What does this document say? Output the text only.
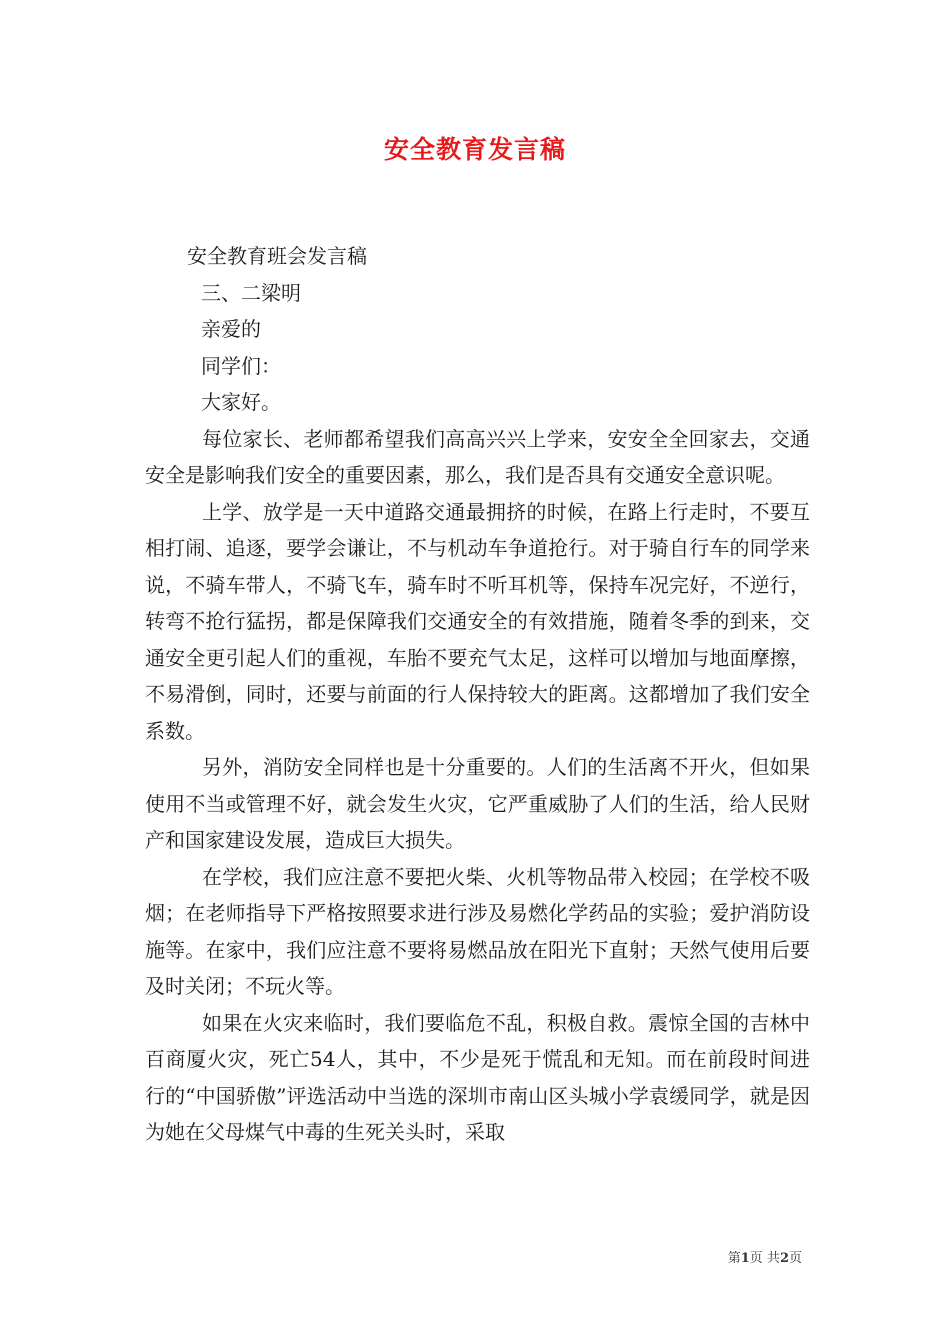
安全教育发言稿

安全教育班会发言稿

三、二梁明

亲爱的

同学们：

大家好。

每位家长、老师都希望我们高高兴兴上学来，安安全全回家去，交通安全是影响我们安全的重要因素，那么，我们是否具有交通安全意识呢。

上学、放学是一天中道路交通最拥挤的时候，在路上行走时，不要互相打闹、追逐，要学会谦让，不与机动车争道抢行。对于骑自行车的同学来说，不骑车带人，不骑飞车，骑车时不听耳机等，保持车况完好，不逆行，转弯不抢行猛拐，都是保障我们交通安全的有效措施，随着冬季的到来，交通安全更引起人们的重视，车胎不要充气太足，这样可以增加与地面摩擦，不易滑倒，同时，还要与前面的行人保持较大的距离。这都增加了我们安全系数。

另外，消防安全同样也是十分重要的。人们的生活离不开火，但如果使用不当或管理不好，就会发生火灾，它严重威胁了人们的生活，给人民财产和国家建设发展，造成巨大损失。

在学校，我们应注意不要把火柴、火机等物品带入校园；在学校不吸烟；在老师指导下严格按照要求进行涉及易燃化学药品的实验；爱护消防设施等。在家中，我们应注意不要将易燃品放在阳光下直射；天然气使用后要及时关闭；不玩火等。

如果在火灾来临时，我们要临危不乱，积极自救。震惊全国的吉林中百商厦火灾，死亡54人，其中，不少是死于慌乱和无知。而在前段时间进行的“中国骄傲”评选活动中当选的深圳市南山区头城小学袁缓同学，就是因为她在父母煤气中毒的生死关头时，采取

第1页 共2页
